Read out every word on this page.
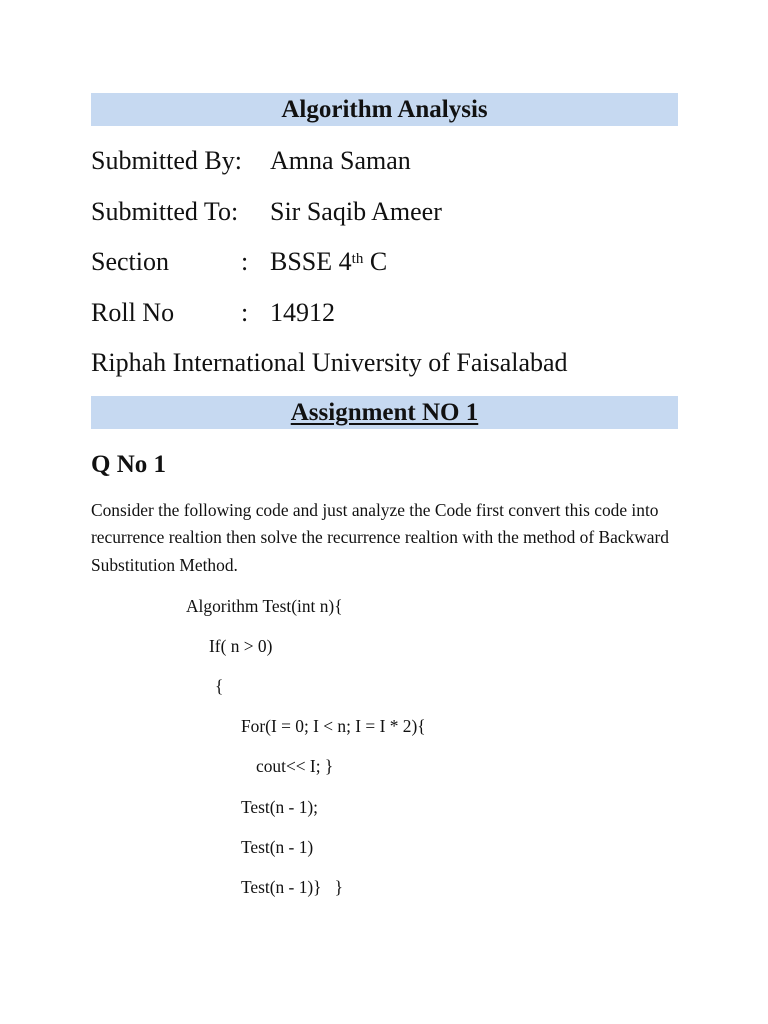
Algorithm Analysis
Submitted By: Amna Saman
Submitted To: Sir Saqib Ameer
Section	: BSSE 4th C
Roll No	: 14912
Riphah International University of Faisalabad
Assignment NO 1
Q No 1
Consider the following code and just analyze the Code first convert this code into recurrence realtion then solve the recurrence realtion with the method of Backward Substitution Method.
Algorithm Test(int n){
If( n > 0)
{
For(I = 0; I < n; I = I * 2){
cout<< I; }
Test(n - 1);
Test(n - 1)
Test(n - 1)}   }
